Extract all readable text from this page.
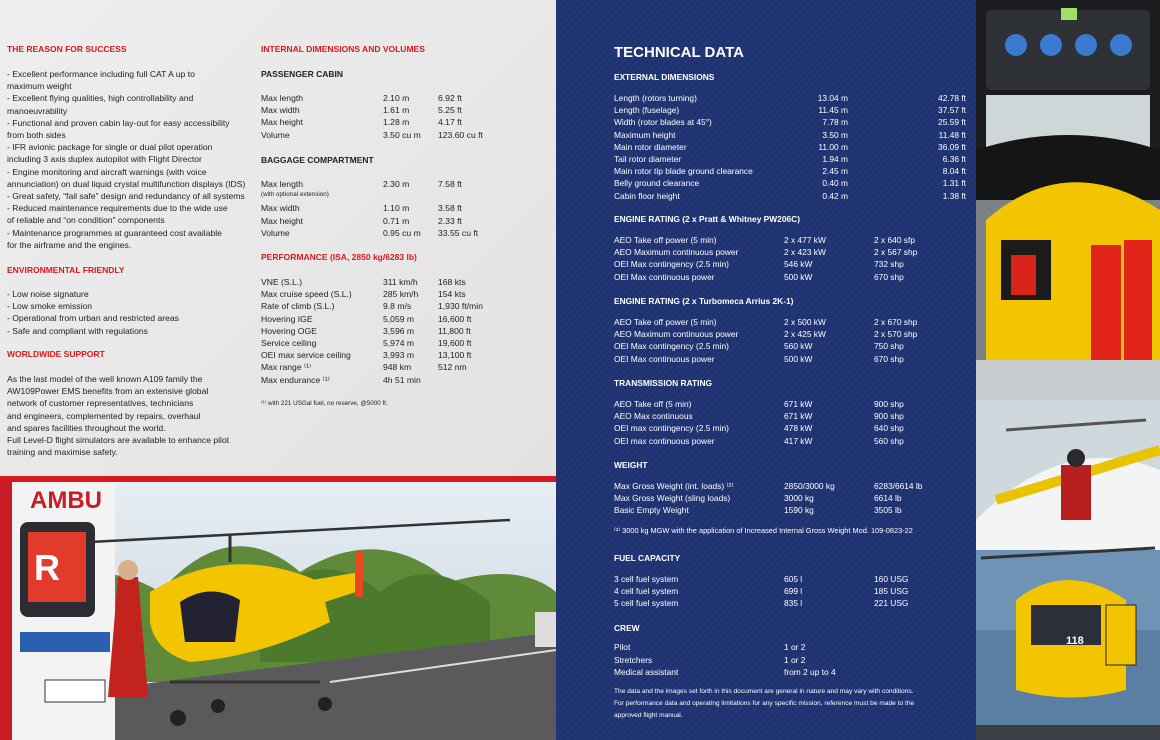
THE REASON FOR SUCCESS
- Excellent performance including full CAT A up to
maximum weight
- Excellent flying qualities, high controllability and
manoeuvrability
- Functional and proven cabin lay-out for easy accessibility
from both sides
- IFR avionic package for single or dual pilot operation
including 3 axis duplex autopilot with Flight Director
- Engine monitoring and aircraft warnings (with voice
annunciation) on dual liquid crystal multifunction displays (IDS)
- Great safety, “fail safe” design and redundancy of all systems
- Reduced maintenance requirements due to the wide use
of reliable and “on condition” components
- Maintenance programmes at guaranteed cost available
for the airframe and the engines.
ENVIRONMENTAL FRIENDLY
- Low noise signature
- Low smoke emission
- Operational from urban and restricted areas
- Safe and compliant with regulations
WORLDWIDE SUPPORT
As the last model of the well known A109 family the
AW109Power EMS benefits from an extensive global
network of customer representatives, technicians
and engineers, complemented by repairs, overhaul
and spares facilities throughout the world.
Full Level-D flight simulators are available to enhance pilot
training and maximise safety.
INTERNAL DIMENSIONS AND VOLUMES
PASSENGER CABIN
Max length	2.10 m	6.92 ft
Max width	1.61 m	5.25 ft
Max height	1.28 m	4.17 ft
Volume	3.50 cu m 123.60 cu ft
BAGGAGE COMPARTMENT
Max length	2.30 m	7.58 ft
(with optional extension)
Max width	1.10 m	3.58 ft
Max height	0.71 m	2.33 ft
Volume	0.95 cu m 33.55 cu ft
PERFORMANCE (ISA, 2850 kg/6283 lb)
VNE (S.L.)	311 km/h 168 kts
Max cruise speed (S.L.)	285 km/h 154 kts
Rate of climb (S.L.)	9.8 m/s	1,930 ft/min
Hovering IGE	5,059 m	16,600 ft
Hovering OGE	3,596 m	11,800 ft
Service ceiling	5,974 m	19,600 ft
OEI max service ceiling	3,993 m	13,100 ft
Max range ⁽¹⁾	948 km	512 nm
Max endurance ⁽¹⁾	4h 51 min
⁽¹⁾ with 221 USGal fuel, no reserve, @5000 ft.
R
AMBU
TECHNICAL DATA
EXTERNAL DIMENSIONS
Length (rotors turning)	13.04 m	42.78 ft
Length (fuselage)	11.45 m	37.57 ft
Width (rotor blades at 45°)	7.78 m	25.59 ft
Maximum height	3.50 m	11.48 ft
Main rotor diameter	11.00 m	36.09 ft
Tail rotor diameter	1.94 m	6.36 ft
Main rotor tip blade ground clearance	2.45 m	8.04 ft
Belly ground clearance	0.40 m	1.31 ft
Cabin floor height	0.42 m	1.38 ft
ENGINE RATING (2 x Pratt & Whitney PW206C)
AEO Take off power (5 min)	2 x 477 kW	2 x 640 sfp
AEO Maximum continuous power	2 x 423 kW	2 x 567 shp
OEI Max contingency (2.5 min)	546 kW	732 shp
OEI Max continuous power	500 kW	670 shp
ENGINE RATING (2 x Turbomeca Arrius 2K-1)
AEO Take off power (5 min)	2 x 500 kW	2 x 670 shp
AEO Maximum continuous power	2 x 425 kW	2 x 570 shp
OEI Max contingency (2.5 min)	560 kW	750 shp
OEI Max continuous power	500 kW	670 shp
TRANSMISSION RATING
AEO Take off (5 min)	671 kW	900 shp
AEO Max continuous	671 kW	900 shp
OEI max contingency (2.5 min)	478 kW	640 shp
OEI max continuous power	417 kW	560 shp
WEIGHT
Max Gross Weight (int. loads) ⁽²⁾	2850/3000 kg	6283/6614 lb
Max Gross Weight (sling loads)	3000 kg	6614 lb
Basic Empty Weight	1590 kg	3505 lb
FUEL CAPACITY
3 cell fuel system	605 l	160 USG
4 cell fuel system	699 l	185 USG
5 cell fuel system	835 l	221 USG
CREW
Pilot	1 or 2
Stretchers	1 or 2
Medical assistant	from 2 up to 4
⁽²⁾ 3000 kg MGW with the application of Increased Internal Gross Weight Mod. 109-0823-22
The data and the images set forth in this document are general in nature and may vary with conditions.
For performance data and operating limitations for any specific mission, reference must be made to the
approved flight manual.
118
